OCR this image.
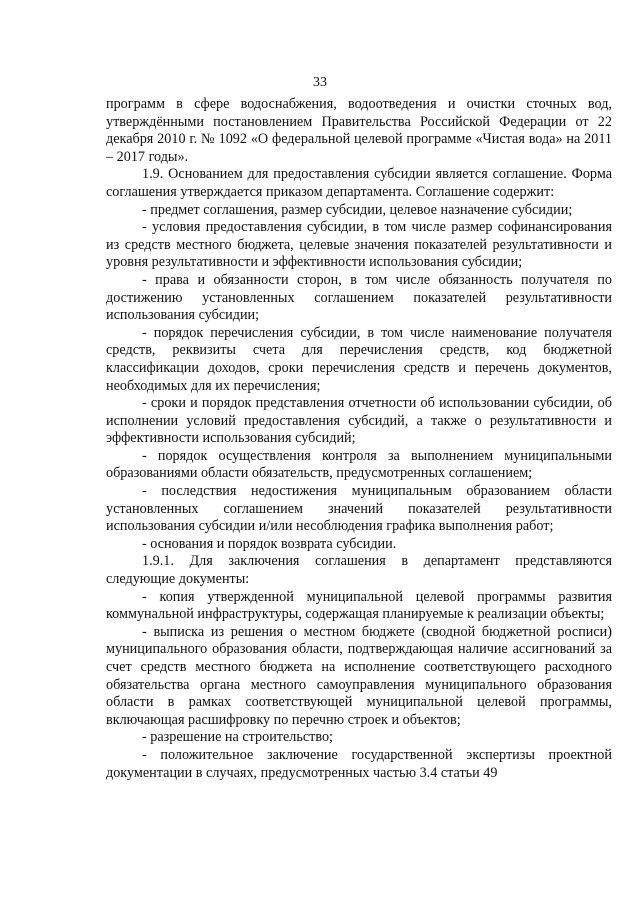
33

программ в сфере водоснабжения, водоотведения и очистки сточных вод, утверждёнными постановлением Правительства Российской Федерации от 22 декабря 2010 г. № 1092 «О федеральной целевой программе «Чистая вода» на 2011 – 2017 годы».

1.9. Основанием для предоставления субсидии является соглашение. Форма соглашения утверждается приказом департамента. Соглашение содержит:

- предмет соглашения, размер субсидии, целевое назначение субсидии;

- условия предоставления субсидии, в том числе размер софинансирования из средств местного бюджета, целевые значения показателей результативности и уровня результативности и эффективности использования субсидии;

- права и обязанности сторон, в том числе обязанность получателя по достижению установленных соглашением показателей результативности использования субсидии;

- порядок перечисления субсидии, в том числе наименование получателя средств, реквизиты счета для перечисления средств, код бюджетной классификации доходов, сроки перечисления средств и перечень документов, необходимых для их перечисления;

- сроки и порядок представления отчетности об использовании субсидии, об исполнении условий предоставления субсидий, а также о результативности и эффективности использования субсидий;

- порядок осуществления контроля за выполнением муниципальными образованиями области обязательств, предусмотренных соглашением;

- последствия недостижения муниципальным образованием области установленных соглашением значений показателей результативности использования субсидии и/или несоблюдения графика выполнения работ;

- основания и порядок возврата субсидии.

1.9.1. Для заключения соглашения в департамент представляются следующие документы:

- копия утвержденной муниципальной целевой программы развития коммунальной инфраструктуры, содержащая планируемые к реализации объекты;

- выписка из решения о местном бюджете (сводной бюджетной росписи) муниципального образования области, подтверждающая наличие ассигнований за счет средств местного бюджета на исполнение соответствующего расходного обязательства органа местного самоуправления муниципального образования области в рамках соответствующей муниципальной целевой программы, включающая расшифровку по перечню строек и объектов;

- разрешение на строительство;

- положительное заключение государственной экспертизы проектной документации в случаях, предусмотренных частью 3.4 статьи 49
